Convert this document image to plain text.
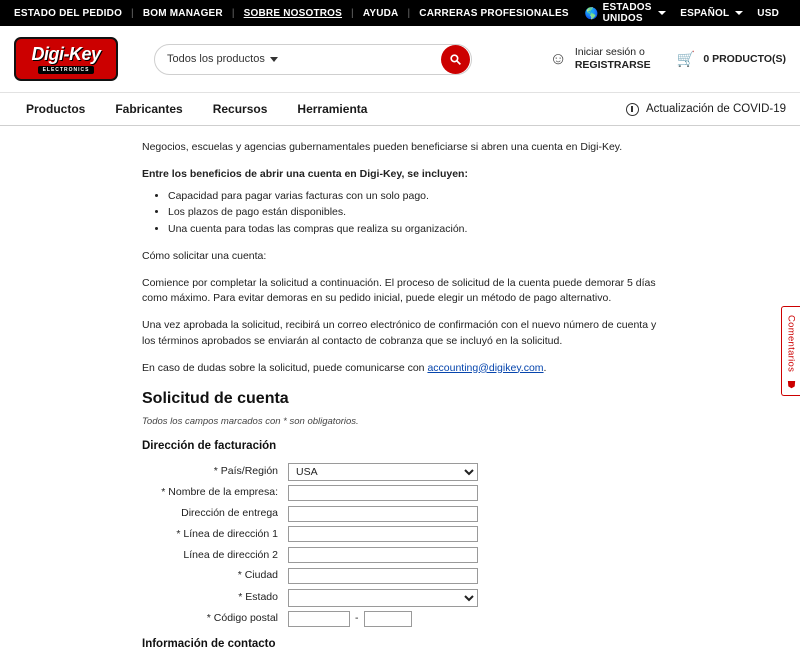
ESTADO DEL PEDIDO | BOM MANAGER | SOBRE NOSOTROS | AYUDA | CARRERAS PROFESIONALES	🌎 ESTADOS UNIDOS	ESPAÑOL	USD
Digi-Key
ELECTRONICS
Todos los productos	☺ Iniciar sesión o
REGISTRARSE 🛒 0 PRODUCTO(S)
Productos	Fabricantes	Recursos	Herramienta	Actualización de COVID-19

Negocios, escuelas y agencias gubernamentales pueden beneficiarse si abren una cuenta en Digi-Key.

Entre los beneficios de abrir una cuenta en Digi-Key, se incluyen:

• Capacidad para pagar varias facturas con un solo pago.
• Los plazos de pago están disponibles.
• Una cuenta para todas las compras que realiza su organización.

Cómo solicitar una cuenta:

Comience por completar la solicitud a continuación. El proceso de solicitud de la cuenta puede demorar 5 días como máximo. Para evitar demoras en su pedido inicial, puede elegir un método de pago alternativo.

Una vez aprobada la solicitud, recibirá un correo electrónico de confirmación con el nuevo número de cuenta y los términos aprobados se enviarán al contacto de cobranza que se incluyó en la solicitud.

En caso de dudas sobre la solicitud, puede comunicarse con accounting@digikey.com.

Solicitud de cuenta
Todos los campos marcados con * son obligatorios.
Dirección de facturación
* País/Región
USA
* Nombre de la empresa:
Dirección de entrega
* Línea de dirección 1
Línea de dirección 2
* Ciudad
* Estado
* Código postal	-
Información de contacto
Comentarios
☗
